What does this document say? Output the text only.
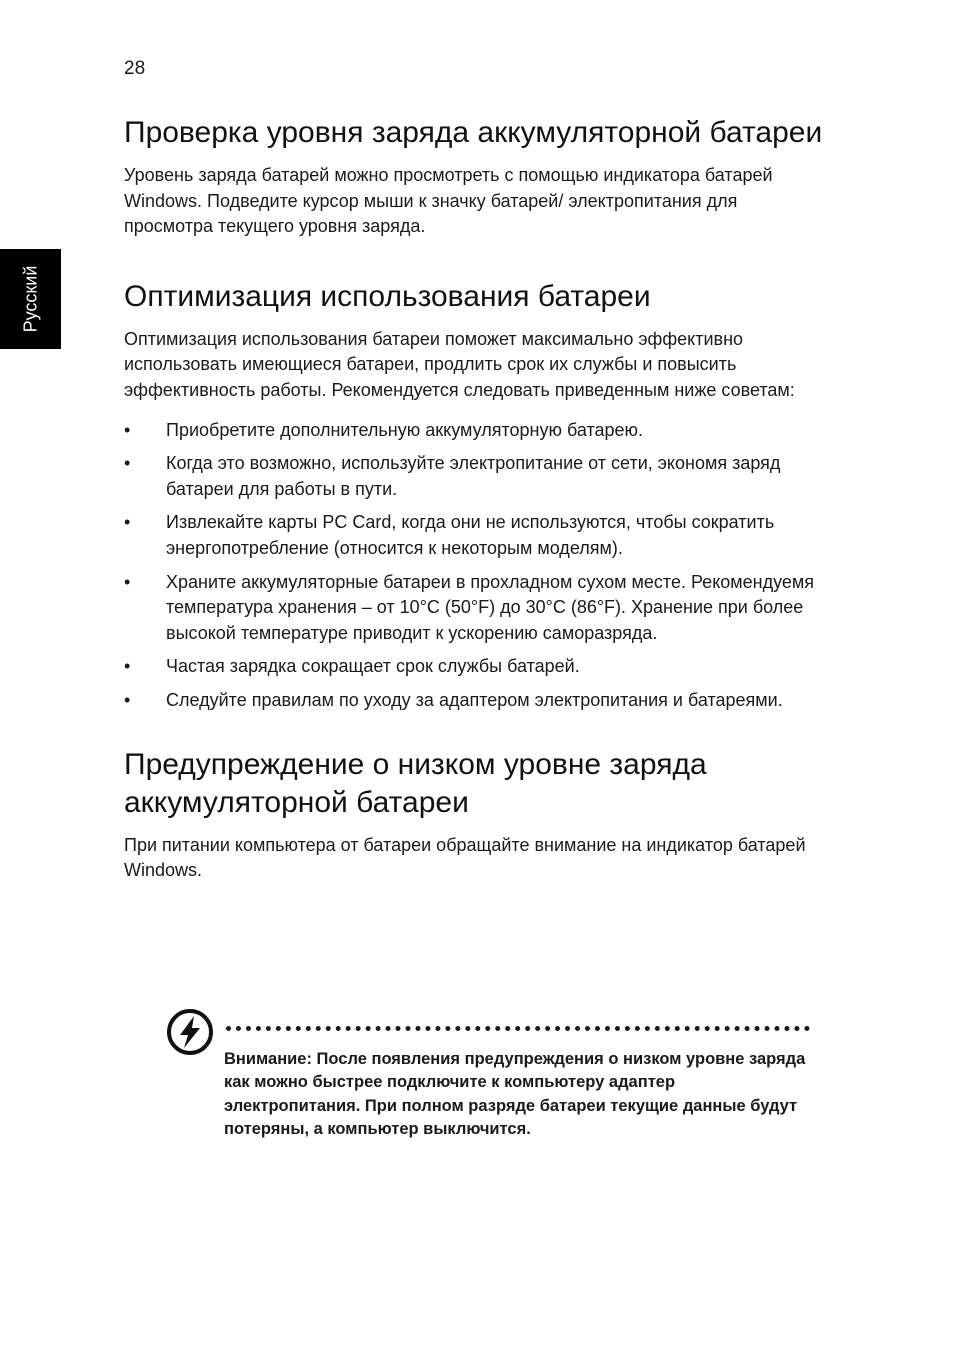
28
Русский
Проверка уровня заряда аккумуляторной батареи

Уровень заряда батарей можно просмотреть с помощью индикатора батарей Windows. Подведите курсор мыши к значку батарей/ электропитания для просмотра текущего уровня заряда.

Оптимизация использования батареи

Оптимизация использования батареи поможет максимально эффективно использовать имеющиеся батареи, продлить срок их службы и повысить эффективность работы. Рекомендуется следовать приведенным ниже советам:

• Приобретите дополнительную аккумуляторную батарею.
• Когда это возможно, используйте электропитание от сети, экономя заряд батареи для работы в пути.
• Извлекайте карты PC Card, когда они не используются, чтобы сократить энергопотребление (относится к некоторым моделям).
• Храните аккумуляторные батареи в прохладном сухом месте. Рекомендуемя температура хранения – от 10°C (50°F) до 30°C (86°F). Хранение при более высокой температуре приводит к ускорению саморазряда.
• Частая зарядка сокращает срок службы батарей.
• Следуйте правилам по уходу за адаптером электропитания и батареями.
Предупреждение о низком уровне заряда аккумуляторной батареи

При питании компьютера от батареи обращайте внимание на индикатор батарей Windows.

Внимание: После появления предупреждения о низком уровне заряда как можно быстрее подключите к компьютеру адаптер электропитания. При полном разряде батареи текущие данные будут потеряны, а компьютер выключится.
